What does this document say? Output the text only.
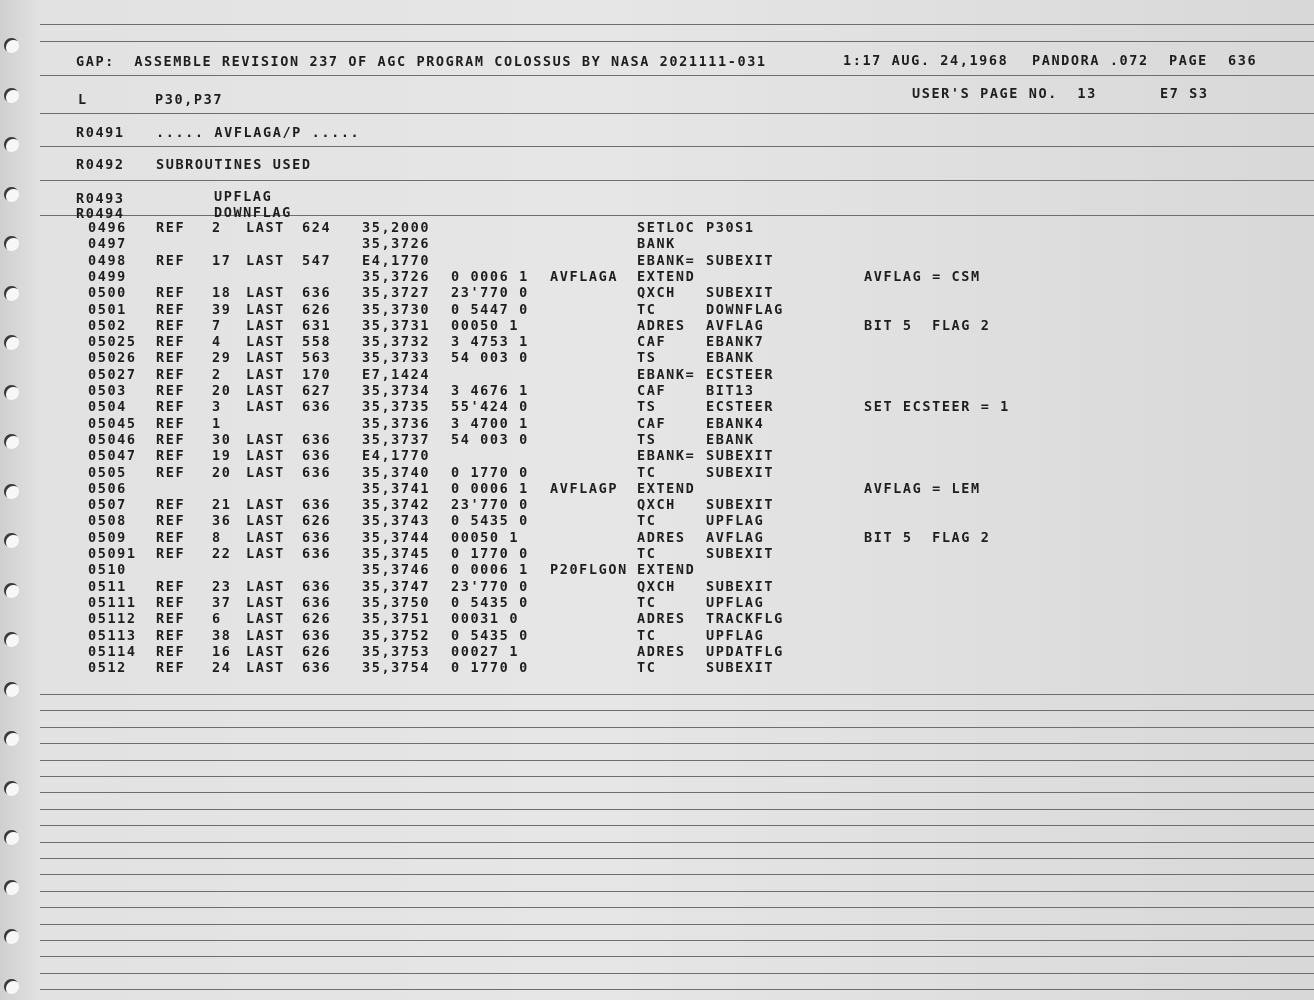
GAP:  ASSEMBLE REVISION 237 OF AGC PROGRAM COLOSSUS BY NASA 2021111-031	1:17 AUG. 24,1968 PANDORA .072 PAGE 636
L	P30,P37	USER'S PAGE NO.  13	E7 S3
R0491 ..... AVFLAGA/P .....
R0492 SUBROUTINES USED
R0493	UPFLAG
R0494	DOWNFLAG
0496 REF 2 LAST 624 35,2000	SETLOC P30S1
0497	35,3726	BANK
0498 REF 17 LAST 547 E4,1770	EBANK= SUBEXIT
0499	35,3726 0 0006 1 AVFLAGA EXTEND	AVFLAG = CSM
0500 REF 18 LAST 636 35,3727 23'770 0	QXCH SUBEXIT
0501 REF 39 LAST 626 35,3730 0 5447 0	TC	DOWNFLAG
0502 REF 7 LAST 631 35,3731 00050 1	ADRES AVFLAG	BIT 5  FLAG 2
05025 REF 4 LAST 558 35,3732 3 4753 1	CAF	EBANK7
05026 REF 29 LAST 563 35,3733 54 003 0	TS	EBANK
05027 REF 2 LAST 170 E7,1424	EBANK= ECSTEER
0503 REF 20 LAST 627 35,3734 3 4676 1	CAF	BIT13
0504 REF 3 LAST 636 35,3735 55'424 0	TS	ECSTEER	SET ECSTEER = 1
05045 REF 1	35,3736 3 4700 1	CAF	EBANK4
05046 REF 30 LAST 636 35,3737 54 003 0	TS	EBANK
05047 REF 19 LAST 636 E4,1770	EBANK= SUBEXIT
0505 REF 20 LAST 636 35,3740 0 1770 0	TC	SUBEXIT
0506	35,3741 0 0006 1 AVFLAGP EXTEND	AVFLAG = LEM
0507 REF 21 LAST 636 35,3742 23'770 0	QXCH SUBEXIT
0508 REF 36 LAST 626 35,3743 0 5435 0	TC	UPFLAG
0509 REF 8 LAST 636 35,3744 00050 1	ADRES AVFLAG	BIT 5  FLAG 2
05091 REF 22 LAST 636 35,3745 0 1770 0	TC	SUBEXIT
0510	35,3746 0 0006 1 P20FLGON EXTEND
0511 REF 23 LAST 636 35,3747 23'770 0	QXCH SUBEXIT
05111 REF 37 LAST 636 35,3750 0 5435 0	TC	UPFLAG
05112 REF 6 LAST 626 35,3751 00031 0	ADRES TRACKFLG
05113 REF 38 LAST 636 35,3752 0 5435 0	TC	UPFLAG
05114 REF 16 LAST 626 35,3753 00027 1	ADRES UPDATFLG
0512 REF 24 LAST 636 35,3754 0 1770 0	TC	SUBEXIT
